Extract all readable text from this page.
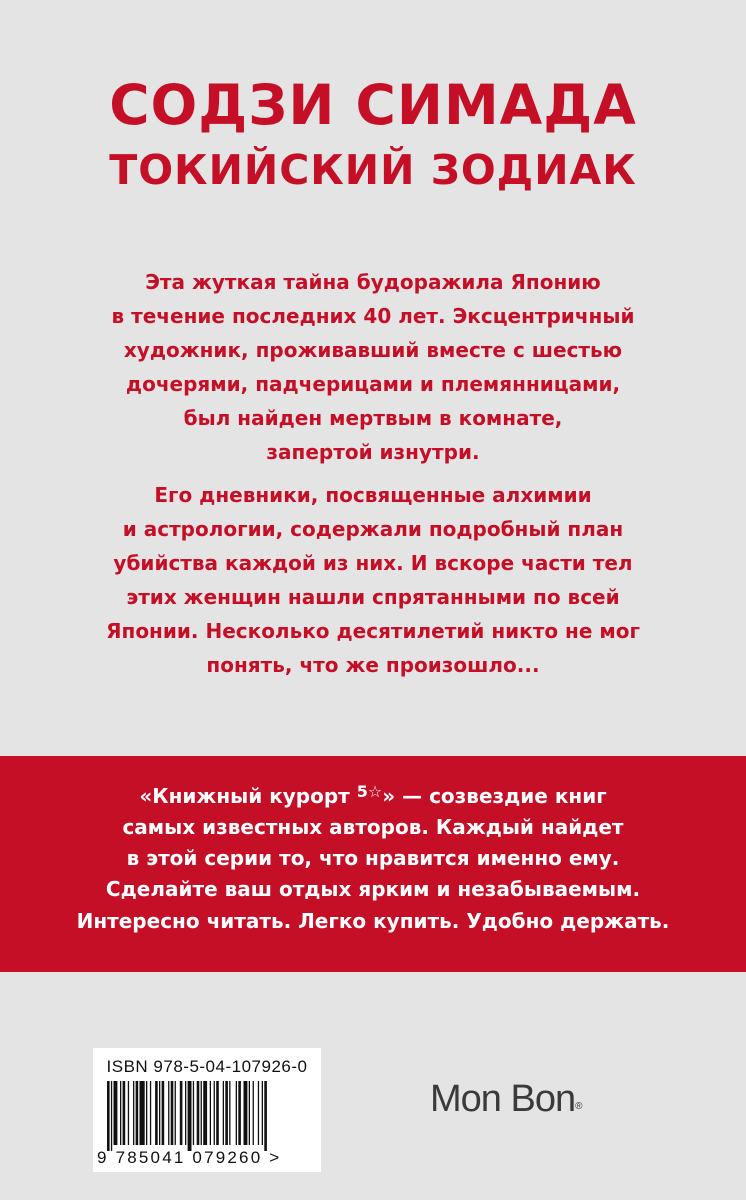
СОДЗИ СИМАДА
ТОКИЙСКИЙ ЗОДИАК
Эта жуткая тайна будоражила Японию
в течение последних 40 лет. Эксцентричный
художник, проживавший вместе с шестью
дочерями, падчерицами и племянницами,
был найден мертвым в комнате,
запертой изнутри.
Его дневники, посвященные алхимии
и астрологии, содержали подробный план
убийства каждой из них. И вскоре части тел
этих женщин нашли спрятанными по всей
Японии. Несколько десятилетий никто не мог
понять, что же произошло...
«Книжный курорт $^{5☆}$» — созвездие книг
самых известных авторов. Каждый найдет
в этой серии то, что нравится именно ему.
Сделайте ваш отдых ярким и незабываемым.
Интересно читать. Легко купить. Удобно держать.
ISBN 978-5-04-107926-0
9 785041 079260 >
Mon Bon®
